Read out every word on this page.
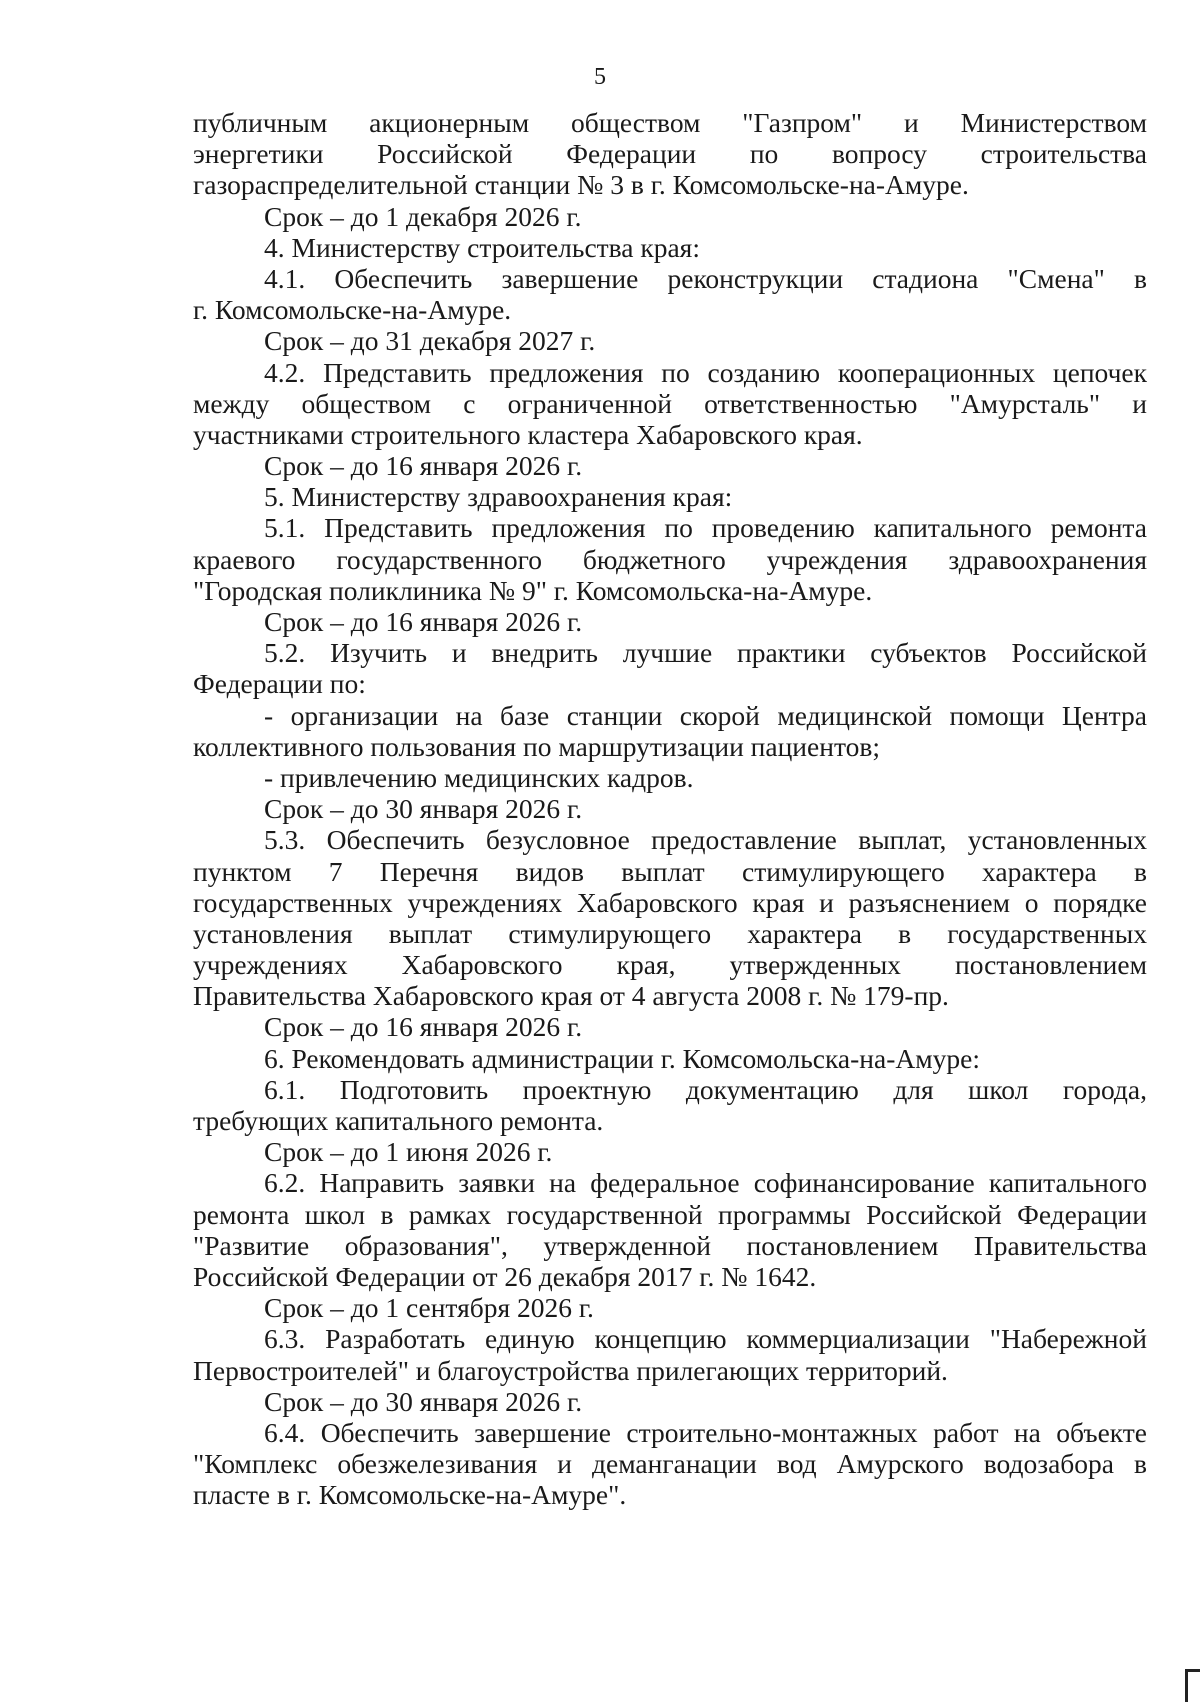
5
публичным акционерным обществом "Газпром" и Министерством
энергетики Российской Федерации по вопросу строительства
газораспределительной станции № 3 в г. Комсомольске-на-Амуре.
Срок – до 1 декабря 2026 г.
4. Министерству строительства края:
4.1. Обеспечить завершение реконструкции стадиона "Смена" в
г. Комсомольске-на-Амуре.
Срок – до 31 декабря 2027 г.
4.2. Представить предложения по созданию кооперационных цепочек
между обществом с ограниченной ответственностью "Амурсталь" и
участниками строительного кластера Хабаровского края.
Срок – до 16 января 2026 г.
5. Министерству здравоохранения края:
5.1. Представить предложения по проведению капитального ремонта
краевого государственного бюджетного учреждения здравоохранения
"Городская поликлиника № 9" г. Комсомольска-на-Амуре.
Срок – до 16 января 2026 г.
5.2. Изучить и внедрить лучшие практики субъектов Российской
Федерации по:
- организации на базе станции скорой медицинской помощи Центра
коллективного пользования по маршрутизации пациентов;
- привлечению медицинских кадров.
Срок – до 30 января 2026 г.
5.3. Обеспечить безусловное предоставление выплат, установленных
пунктом 7 Перечня видов выплат стимулирующего характера в
государственных учреждениях Хабаровского края и разъяснением о порядке
установления выплат стимулирующего характера в государственных
учреждениях Хабаровского края, утвержденных постановлением
Правительства Хабаровского края от 4 августа 2008 г. № 179-пр.
Срок – до 16 января 2026 г.
6. Рекомендовать администрации г. Комсомольска-на-Амуре:
6.1. Подготовить проектную документацию для школ города,
требующих капитального ремонта.
Срок – до 1 июня 2026 г.
6.2. Направить заявки на федеральное софинансирование капитального
ремонта школ в рамках государственной программы Российской Федерации
"Развитие образования", утвержденной постановлением Правительства
Российской Федерации от 26 декабря 2017 г. № 1642.
Срок – до 1 сентября 2026 г.
6.3. Разработать единую концепцию коммерциализации "Набережной
Первостроителей" и благоустройства прилегающих территорий.
Срок – до 30 января 2026 г.
6.4. Обеспечить завершение строительно-монтажных работ на объекте
"Комплекс обезжелезивания и деманганации вод Амурского водозабора в
пласте в г. Комсомольске-на-Амуре".
